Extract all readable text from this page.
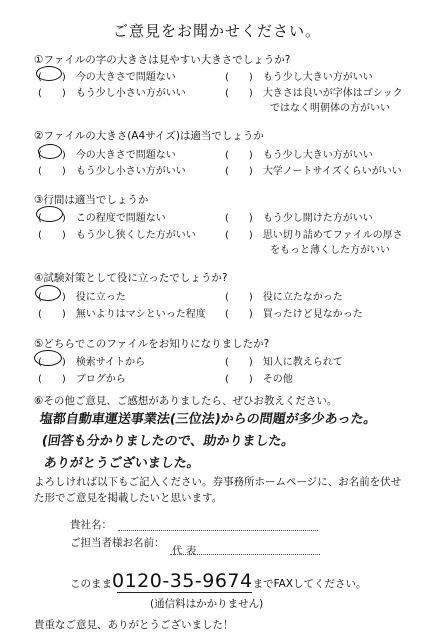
ご意見をお聞かせください。
①ファイルの字の大きさは見やすい大きさでしょうか?
(　　)　今の大きさで問題ない	(　　)　もう少し大きい方がいい
(　　)　もう少し小さい方がいい	(　　)　大きさは良いが字体はゴシック
ではなく明朝体の方がいい
②ファイルの大きさ(A4サイズ)は適当でしょうか
(　　)　今の大きさで問題ない	(　　)　もう少し大きい方がいい
(　　)　もう少し小さい方がいい	(　　)　大学ノートサイズくらいがいい
③行間は適当でしょうか
(　　)　この程度で問題ない	(　　)　もう少し開けた方がいい
(　　)　もう少し狭くした方がいい	(　　)　思い切り詰めてファイルの厚さ
をもっと薄くした方がいい
④試験対策として役に立ったでしょうか?
(　　)　役に立った	(　　)　役に立たなかった
(　　)　無いよりはマシといった程度 (　　)　買ったけど見なかった
⑤どちらでこのファイルをお知りになりましたか?
(　　)　検索サイトから	(　　)　知人に教えられて
(　　)　ブログから	(　　)　その他
⑥その他ご意見、ご感想がありましたら、ぜひお教えください。
塩都自動車運送事業法(三位法)からの問題が多少あった。
(回答も分かりましたので、助かりました。
ありがとうございました。
よろしければ以下もご記入ください。券事務所ホームページに、お名前を伏せ
た形でご意見を掲載したいと思います。
貴社名：
ご担当者様お名前：
代 表
このまま0120-35-9674までFAXしてください。
(通信料はかかりません)
貴重なご意見、ありがとうございました！
